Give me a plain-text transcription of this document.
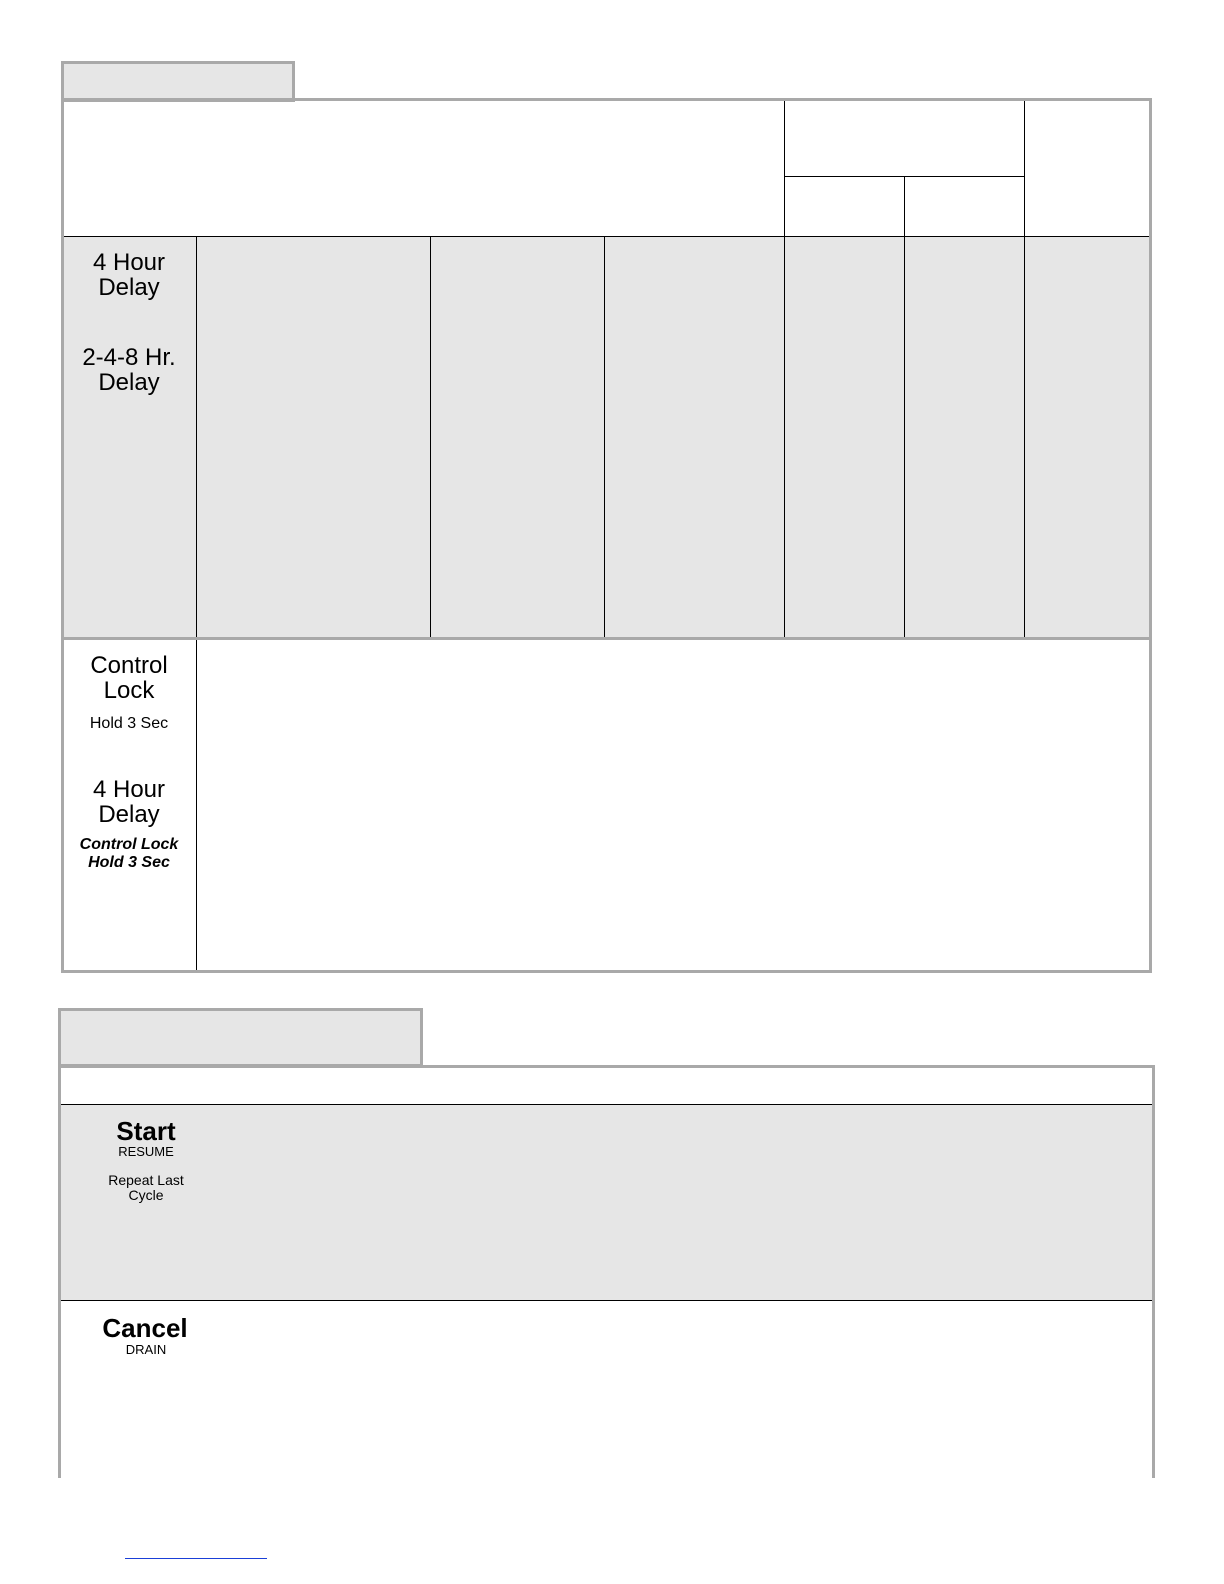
4 Hour Delay
2-4-8 Hr. Delay
Control Lock
Hold 3 Sec
4 Hour Delay
Control Lock
Hold 3 Sec
Start
RESUME
Repeat Last Cycle
Cancel
DRAIN
